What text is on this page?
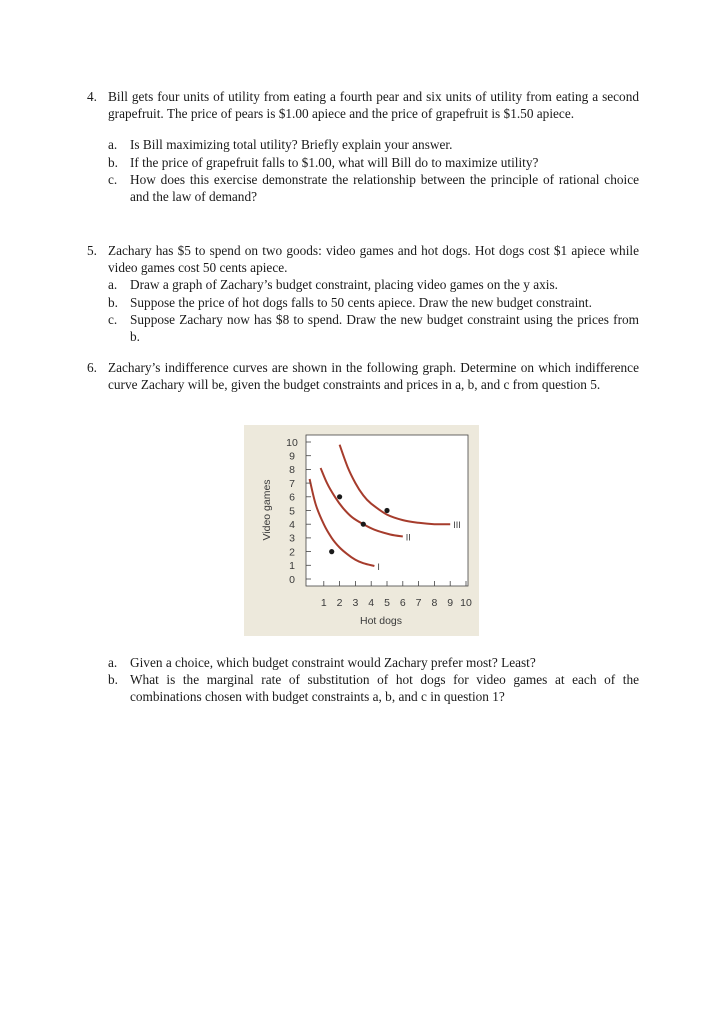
4. Bill gets four units of utility from eating a fourth pear and six units of utility from eating a second grapefruit. The price of pears is $1.00 apiece and the price of grapefruit is $1.50 apiece.
a. Is Bill maximizing total utility? Briefly explain your answer.
b. If the price of grapefruit falls to $1.00, what will Bill do to maximize utility?
c. How does this exercise demonstrate the relationship between the principle of rational choice and the law of demand?
5. Zachary has $5 to spend on two goods: video games and hot dogs. Hot dogs cost $1 apiece while video games cost 50 cents apiece.
a. Draw a graph of Zachary’s budget constraint, placing video games on the y axis.
b. Suppose the price of hot dogs falls to 50 cents apiece. Draw the new budget constraint.
c. Suppose Zachary now has $8 to spend. Draw the new budget constraint using the prices from b.
6. Zachary’s indifference curves are shown in the following graph. Determine on which indifference curve Zachary will be, given the budget constraints and prices in a, b, and c from question 5.
0
1
2
3
4
5
6
7
8
9
10
1 2 3 4 5 6 7 8 9 10
I
II
III
Hot dogs
Video games
a. Given a choice, which budget constraint would Zachary prefer most? Least?
b. What is the marginal rate of substitution of hot dogs for video games at each of the combinations chosen with budget constraints a, b, and c in question 1?
